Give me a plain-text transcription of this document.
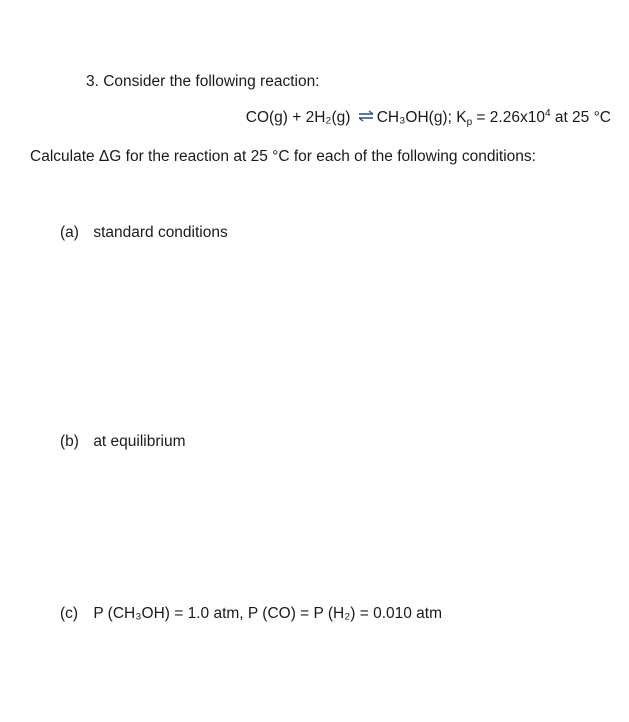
3. Consider the following reaction:
CO(g) + 2H₂(g) ⇌ CH₃OH(g); $Kp = 2.26x10^4$ at 25 °C
Calculate ΔG for the reaction at 25 °C for each of the following conditions:
(a) standard conditions
(b) at equilibrium
(c) P (CH₃OH) = 1.0 atm, P (CO) = P (H₂) = 0.010 atm
